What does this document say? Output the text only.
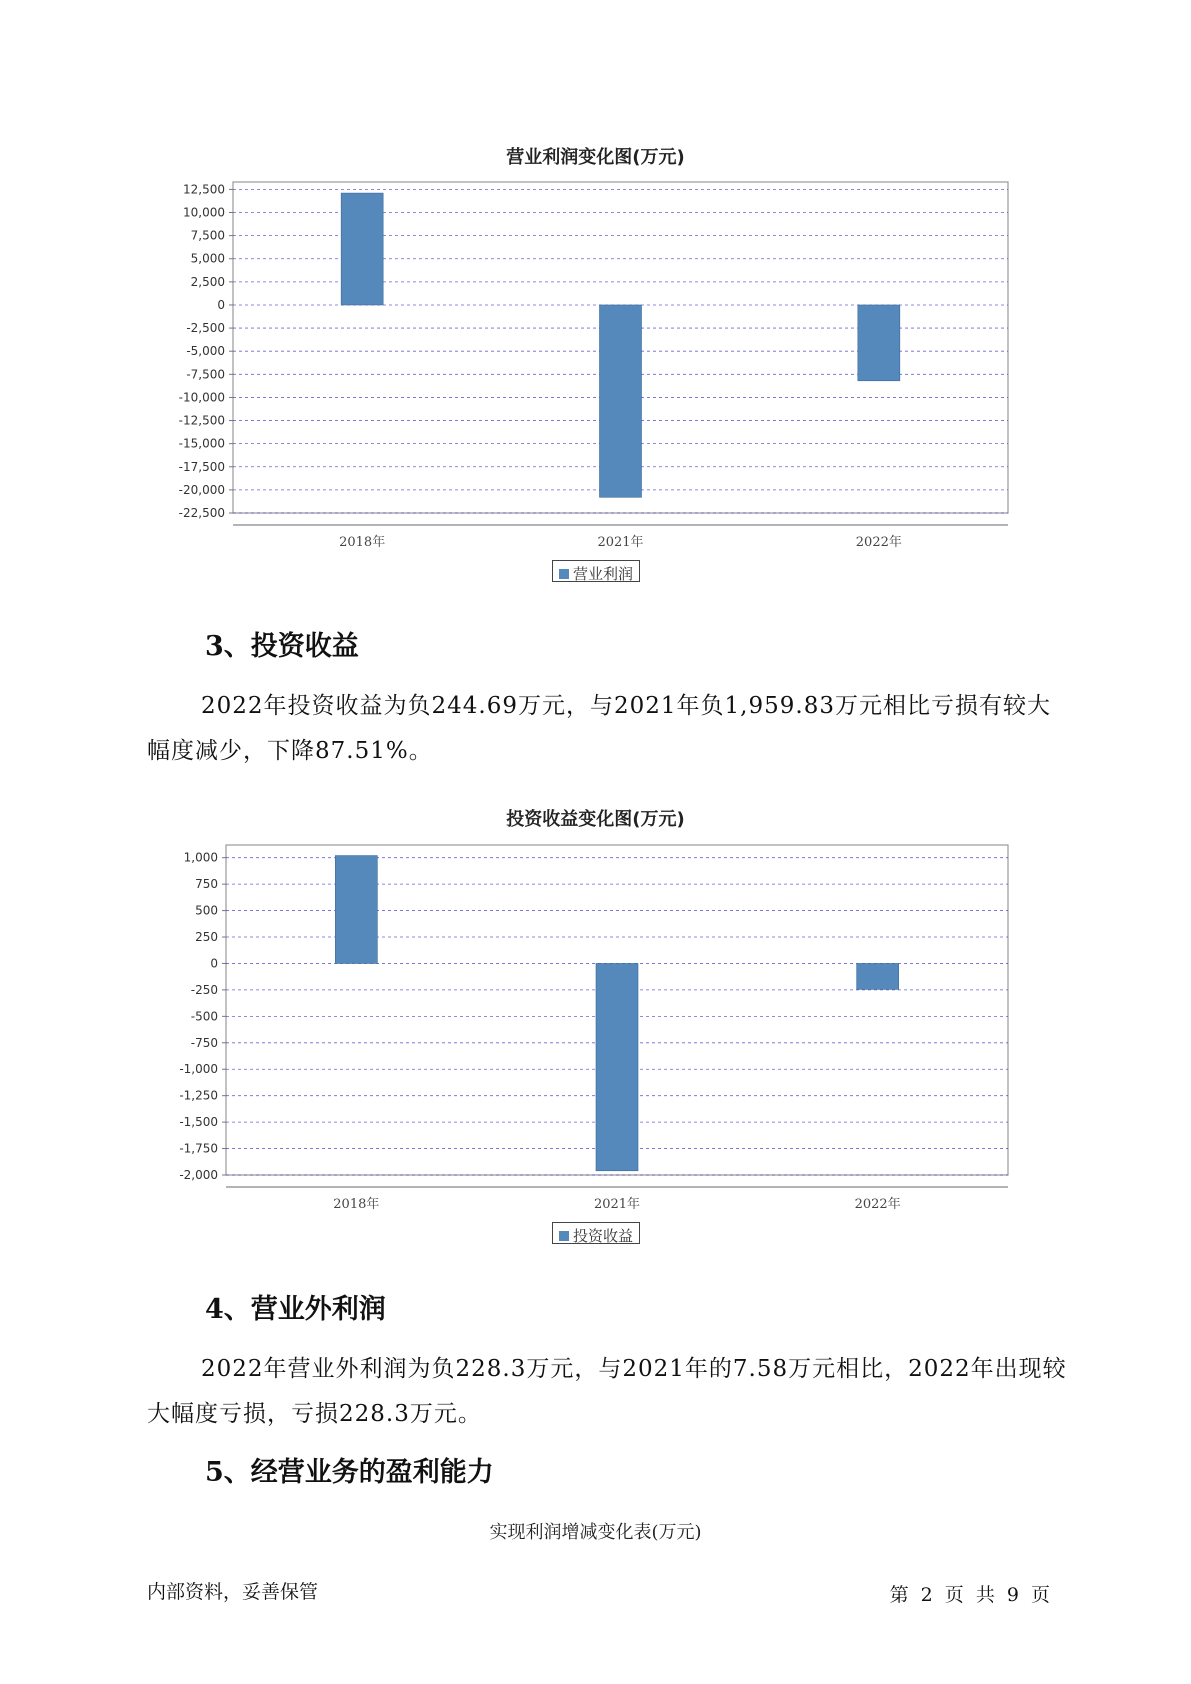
营业利润变化图(万元)
12,500
10,000
7,500
5,000
2,500
0
-2,500
-5,000
-7,500
-10,000
-12,500
-15,000
-17,500
-20,000
-22,500
2018年	2021年	2022年
营业利润
3、投资收益
2022年投资收益为负244.69万元，与2021年负1,959.83万元相比亏损有较大幅度减少，下降87.51%。
投资收益变化图(万元)
1,000
750
500
250
0
-250
-500
-750
-1,000
-1,250
-1,500
-1,750
-2,000
2018年	2021年	2022年
投资收益
4、营业外利润
2022年营业外利润为负228.3万元，与2021年的7.58万元相比，2022年出现较大幅度亏损，亏损228.3万元。
5、经营业务的盈利能力
实现利润增减变化表(万元)
内部资料，妥善保管	第 2 页 共 9 页
